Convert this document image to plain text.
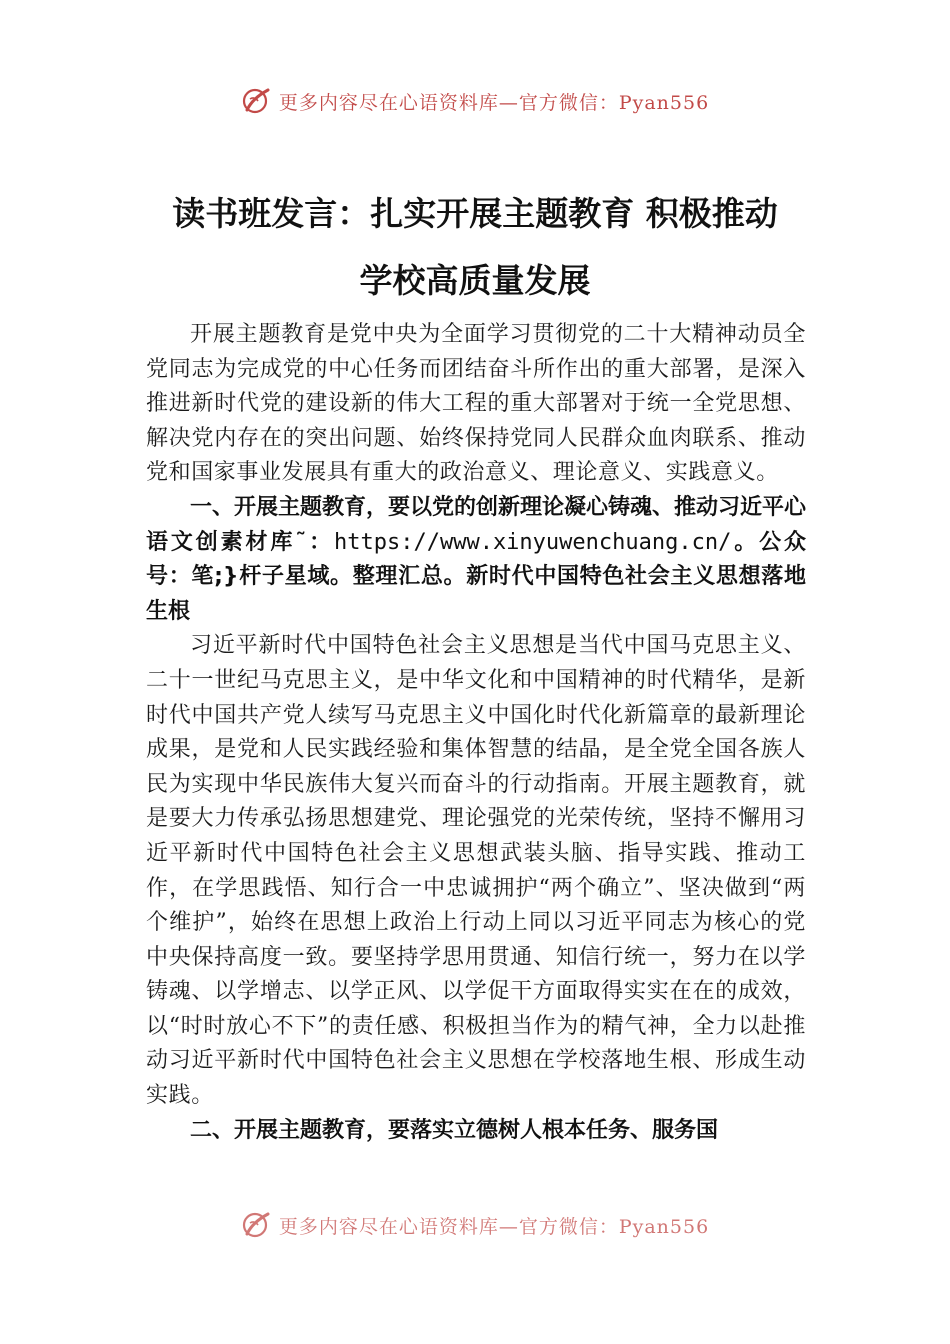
更多内容尽在心语资料库—官方微信：Pyan556
读书班发言：扎实开展主题教育 积极推动
学校高质量发展

开展主题教育是党中央为全面学习贯彻党的二十大精神动员全党同志为完成党的中心任务而团结奋斗所作出的重大部署，是深入推进新时代党的建设新的伟大工程的重大部署对于统一全党思想、解决党内存在的突出问题、始终保持党同人民群众血肉联系、推动党和国家事业发展具有重大的政治意义、理论意义、实践意义。

一、开展主题教育，要以党的创新理论凝心铸魂、推动习近平心语文创素材库˜：https://www.xinyuwenchuang.cn/。公众号：笔;}杆子星域。整理汇总。新时代中国特色社会主义思想落地生根

习近平新时代中国特色社会主义思想是当代中国马克思主义、二十一世纪马克思主义，是中华文化和中国精神的时代精华，是新时代中国共产党人续写马克思主义中国化时代化新篇章的最新理论成果，是党和人民实践经验和集体智慧的结晶，是全党全国各族人民为实现中华民族伟大复兴而奋斗的行动指南。开展主题教育，就是要大力传承弘扬思想建党、理论强党的光荣传统，坚持不懈用习近平新时代中国特色社会主义思想武装头脑、指导实践、推动工作，在学思践悟、知行合一中忠诚拥护“两个确立”、坚决做到“两个维护”，始终在思想上政治上行动上同以习近平同志为核心的党中央保持高度一致。要坚持学思用贯通、知信行统一，努力在以学铸魂、以学增志、以学正风、以学促干方面取得实实在在的成效，以“时时放心不下”的责任感、积极担当作为的精气神，全力以赴推动习近平新时代中国特色社会主义思想在学校落地生根、形成生动实践。

二、开展主题教育，要落实立德树人根本任务、服务国

更多内容尽在心语资料库—官方微信：Pyan556
